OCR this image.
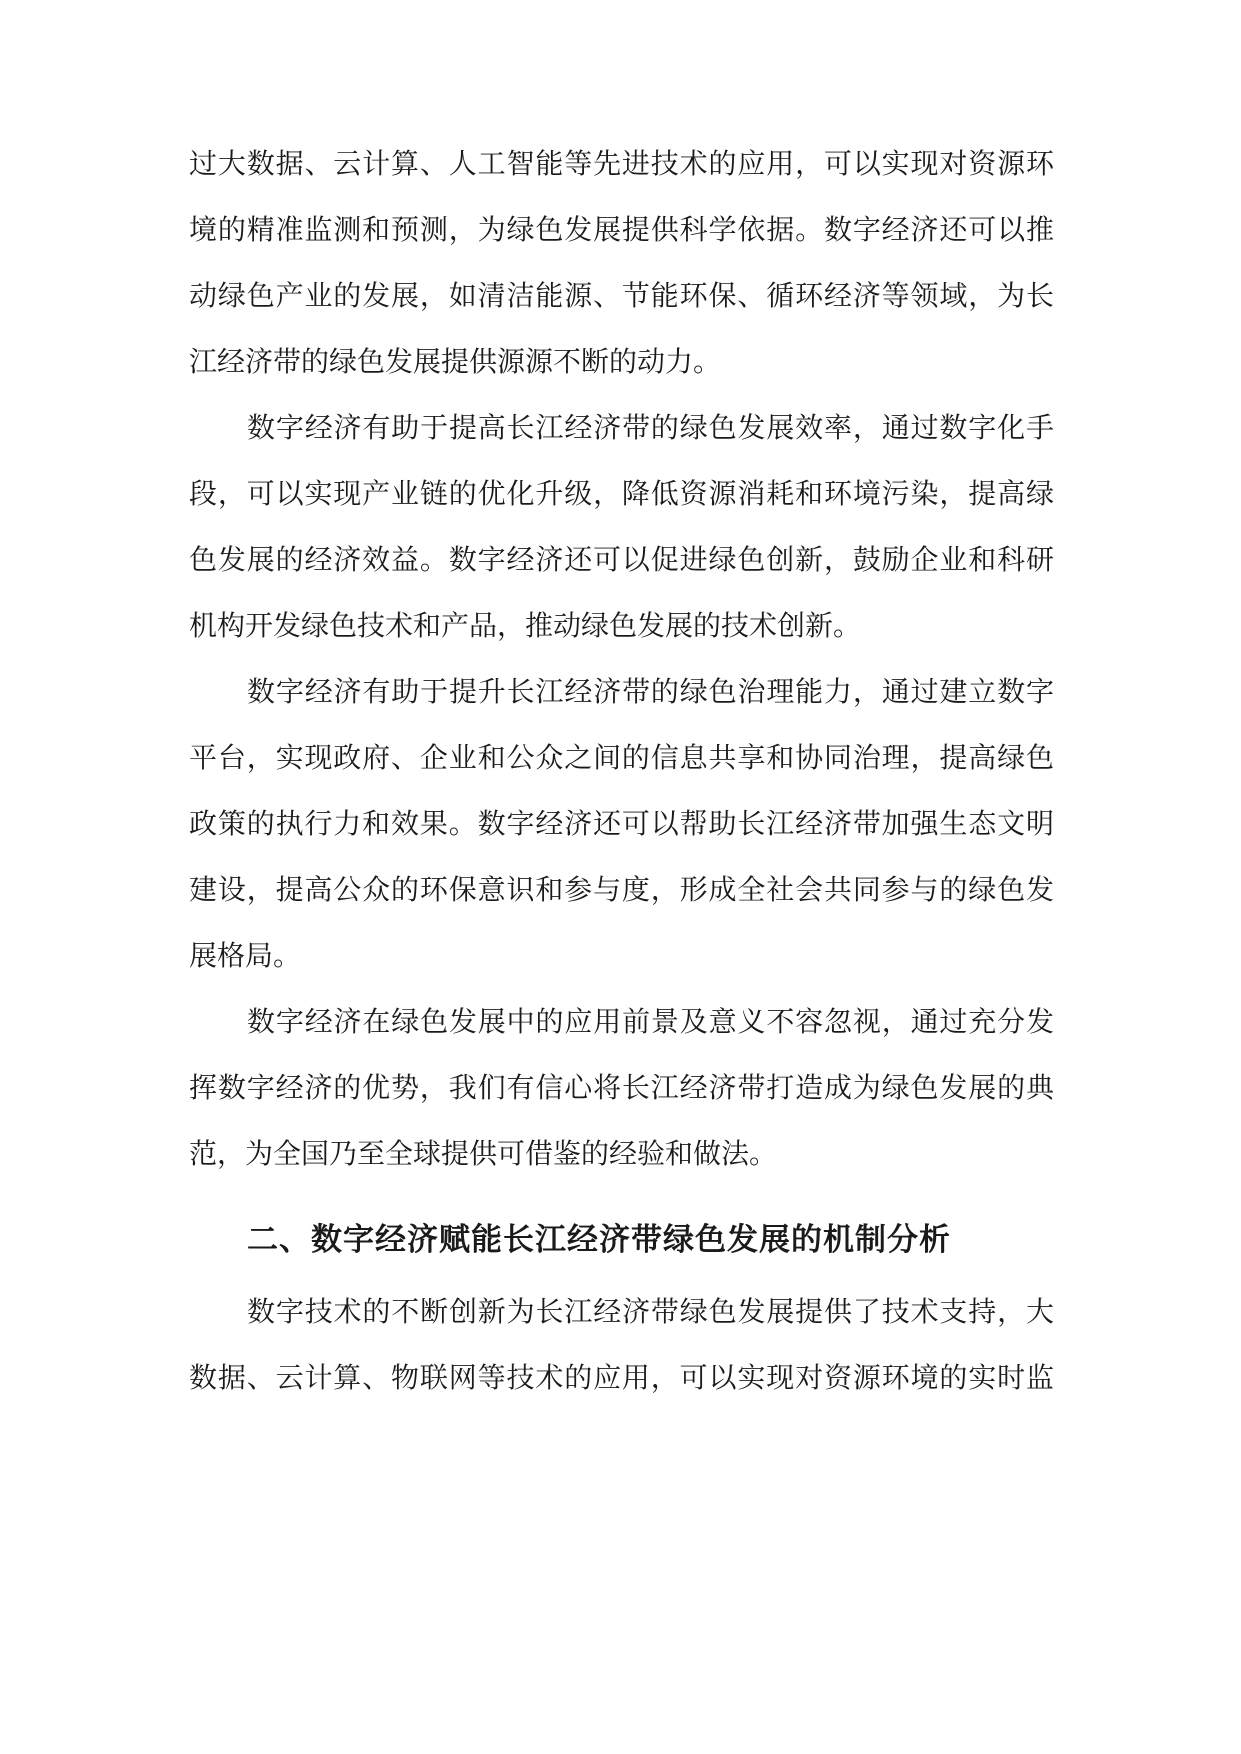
过大数据、云计算、人工智能等先进技术的应用，可以实现对资源环
境的精准监测和预测，为绿色发展提供科学依据。数字经济还可以推
动绿色产业的发展，如清洁能源、节能环保、循环经济等领域，为长
江经济带的绿色发展提供源源不断的动力。
数字经济有助于提高长江经济带的绿色发展效率，通过数字化手
段，可以实现产业链的优化升级，降低资源消耗和环境污染，提高绿
色发展的经济效益。数字经济还可以促进绿色创新，鼓励企业和科研
机构开发绿色技术和产品，推动绿色发展的技术创新。
数字经济有助于提升长江经济带的绿色治理能力，通过建立数字
平台，实现政府、企业和公众之间的信息共享和协同治理，提高绿色
政策的执行力和效果。数字经济还可以帮助长江经济带加强生态文明
建设，提高公众的环保意识和参与度，形成全社会共同参与的绿色发
展格局。
数字经济在绿色发展中的应用前景及意义不容忽视，通过充分发
挥数字经济的优势，我们有信心将长江经济带打造成为绿色发展的典
范，为全国乃至全球提供可借鉴的经验和做法。
二、数字经济赋能长江经济带绿色发展的机制分析
数字技术的不断创新为长江经济带绿色发展提供了技术支持，大
数据、云计算、物联网等技术的应用，可以实现对资源环境的实时监
